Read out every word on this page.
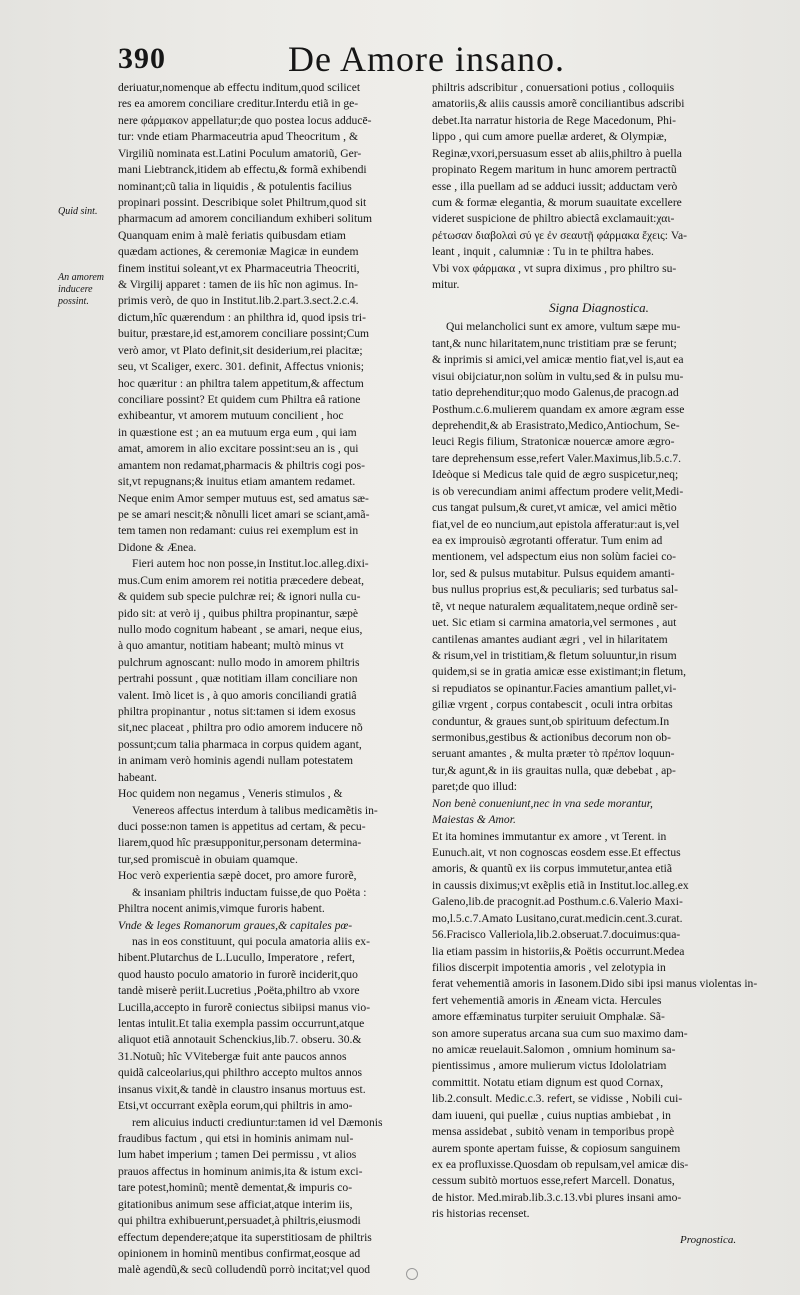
390	De Amore insano.
Quid sint.
An amorem inducere possint.
deriuatur,nomenque ab effectu inditum,quod scilicet
res ea amorem conciliare creditur.Interdu etiã in ge-
nere φάρμακον appellatur;de quo postea locus adducē-
tur: vnde etiam Pharmaceutria apud Theocritum , &
Virgiliũ nominata est.Latini Poculum amatoriũ, Ger-
mani Liebtranck,itidem ab effectu,& formã exhibendi
nominant;cũ talia in liquidis , & potulentis facilius
propinari possint. Describique solet Philtrum,quod sit
pharmacum ad amorem conciliandum exhiberi solitum
Quanquam enim à malè feriatis quibusdam etiam
quædam actiones, & ceremoniæ Magicæ in eundem
finem institui soleant,vt ex Pharmaceutria Theocriti,
& Virgilij apparet : tamen de iis hîc non agimus. In-
primis verò, de quo in Institut.lib.2.part.3.sect.2.c.4.
dictum,hîc quærendum : an philthra id, quod ipsis tri-
buitur, præstare,id est,amorem conciliare possint;Cum
verò amor, vt Plato definit,sit desiderium,rei placitæ;
seu, vt Scaliger, exerc. 301. definit, Affectus vnionis;
hoc quæritur : an philtra talem appetitum,& affectum
conciliare possint? Et quidem cum Philtra eâ ratione
exhibeantur, vt amorem mutuum concilient , hoc
in quæstione est ; an ea mutuum erga eum , qui iam
amat, amorem in alio excitare possint:seu an is , qui
amantem non redamat,pharmacis & philtris cogi pos-
sit,vt repugnans;& inuitus etiam amantem redamet.
Neque enim Amor semper mutuus est, sed amatus sæ-
pe se amari nescit;& nõnulli licet amari se sciant,amã-
tem tamen non redamant: cuius rei exemplum est in
Didone & Ænea.
Fieri autem hoc non posse,in Institut.loc.alleg.dixi-
mus.Cum enim amorem rei notitia præcedere debeat,
& quidem sub specie pulchræ rei; & ignori nulla cu-
pido sit: at verò ij , quibus philtra propinantur, sæpè
nullo modo cognitum habeant , se amari, neque eius,
à quo amantur, notitiam habeant; multò minus vt
pulchrum agnoscant: nullo modo in amorem philtris
pertrahi possunt , quæ notitiam illam conciliare non
valent. Imò licet is , à quo amoris conciliandi gratiâ
philtra propinantur , notus sit:tamen si idem exosus
sit,nec placeat , philtra pro odio amorem inducere nõ
possunt;cum talia pharmaca in corpus quidem agant,
in animam verò hominis agendi nullam potestatem
habeant.
Hoc quidem non negamus , Veneris stimulos , &
Venereos affectus interdum à talibus medicamẽtis in-
duci posse:non tamen is appetitus ad certam, & pecu-
liarem,quod hîc præsupponitur,personam determina-
tur,sed promiscuè in obuiam quamque.
Hoc verò experientia sæpè docet, pro amore furorẽ,
& insaniam philtris inductam fuisse,de quo Poëta :
Philtra nocent animis,vimque furoris habent.
Vnde & leges Romanorum graues,& capitales pœ-
nas in eos constituunt, qui pocula amatoria aliis ex-
hibent.Plutarchus de L.Lucullo, Imperatore , refert,
quod hausto poculo amatorio in furorẽ inciderit,quo
tandè miserè periit.Lucretius ,Poëta,philtro ab vxore
Lucilla,accepto in furorẽ coniectus sibiipsi manus vio-
lentas intulit.Et talia exempla passim occurrunt,atque
aliquot etiã annotauit Schenckius,lib.7. obseru. 30.&
31.Notuũ; hîc VVitebergæ fuit ante paucos annos
quidã calceolarius,qui philthro accepto multos annos
insanus vixit,& tandè in claustro insanus mortuus est.
Etsi,vt occurrant exẽpla eorum,qui philtris in amo-
rem alicuius inducti crediuntur:tamen id vel Dæmonis
fraudibus factum , qui etsi in hominis animam nul-
lum habet imperium ; tamen Dei permissu , vt alios
prauos affectus in hominum animis,ita & istum exci-
tare potest,hominũ; mentẽ dementat,& impuris co-
gitationibus animum sese afficiat,atque interim iis,
qui philtra exhibuerunt,persuadet,à philtris,eiusmodi
effectum dependere;atque ita superstitiosam de philtris
opinionem in hominũ mentibus confirmat,eosque ad
malè agendũ,& secũ colludendũ porrò incitat;vel quod
philtris adscribitur , conuersationi potius , colloquiis
amatoriis,& aliis caussis amorẽ conciliantibus adscribi
debet.Ita narratur historia de Rege Macedonum, Phi-
lippo , qui cum amore puellæ arderet, & Olympiæ,
Reginæ,vxori,persuasum esset ab aliis,philtro à puella
propinato Regem maritum in hunc amorem pertractũ
esse , illa puellam ad se adduci iussit; adductam verò
cum & formæ elegantia, & morum suauitate excellere
videret suspicione de philtro abiectâ exclamauit:χαι-
ρέτωσαν διαβολαὶ σύ γε ἐν σεαυτῇ φάρμακα ἔχεις: Va-
leant , inquit , calumniæ : Tu in te philtra habes.
Vbi vox φάρμακα , vt supra diximus , pro philtro su-
mitur.
Signa Diagnostica.
Qui melancholici sunt ex amore, vultum sæpe mu-
tant,& nunc hilaritatem,nunc tristitiam præ se ferunt;
& inprimis si amici,vel amicæ mentio fiat,vel is,aut ea
visui obijciatur,non solùm in vultu,sed & in pulsu mu-
tatio deprehenditur;quo modo Galenus,de pracogn.ad
Posthum.c.6.mulierem quandam ex amore ægram esse
deprehendit,& ab Erasistrato,Medico,Antiochum, Se-
leuci Regis filium, Stratonicæ nouercæ amore ægro-
tare deprehensum esse,refert Valer.Maximus,lib.5.c.7.
Ideòque si Medicus tale quid de ægro suspicetur,neq;
is ob verecundiam animi affectum prodere velit,Medi-
cus tangat pulsum,& curet,vt amicæ, vel amici mẽtio
fiat,vel de eo nuncium,aut epistola afferatur:aut is,vel
ea ex improuisò ægrotanti offeratur. Tum enim ad
mentionem, vel adspectum eius non solùm faciei co-
lor, sed & pulsus mutabitur. Pulsus equidem amanti-
bus nullus proprius est,& peculiaris; sed turbatus sal-
tẽ, vt neque naturalem æqualitatem,neque ordinẽ ser-
uet. Sic etiam si carmina amatoria,vel sermones , aut
cantilenas amantes audiant ægri , vel in hilaritatem
& risum,vel in tristitiam,& fletum soluuntur,in risum
quidem,si se in gratia amicæ esse existimant;in fletum,
si repudiatos se opinantur.Facies amantium pallet,vi-
giliæ vrgent , corpus contabescit , oculi intra orbitas
conduntur, & graues sunt,ob spirituum defectum.In
sermonibus,gestibus & actionibus decorum non ob-
seruant amantes , & multa præter τὸ πρέπον loquun-
tur,& agunt,& in iis grauitas nulla, quæ debebat , ap-
paret;de quo illud:
Non benè conueniunt,nec in vna sede morantur,
Maiestas & Amor.
Et ita homines immutantur ex amore , vt Terent. in
Eunuch.ait, vt non cognoscas eosdem esse.Et effectus
amoris, & quantũ ex iis corpus immutetur,antea etiã
in caussis diximus;vt exẽplis etiã in Institut.loc.alleg.ex
Galeno,lib.de pracognit.ad Posthum.c.6.Valerio Maxi-
mo,l.5.c.7.Amato Lusitano,curat.medicin.cent.3.curat.
56.Fraciscо Valleriola,lib.2.obseruat.7.docuimus:qua-
lia etiam passim in historiis,& Poëtis occurrunt.Medea
filios discerpit impotentia amoris , vel zelotypia in
ferat vehementiã amoris in Iasonem.Dido sibi ipsi manus violentas in-
fert vehementiã amoris in Æneam victa. Hercules
amore effæminatus turpiter seruiuit Omphalæ. Sã-
son amore superatus arcana sua cum suo maximo dam-
no amicæ reuelauit.Salomon , omnium hominum sa-
pientissimus , amore mulierum victus Idololatriam
committit. Notatu etiam dignum est quod Cornax,
lib.2.consult. Medic.c.3. refert, se vidisse , Nobili cui-
dam iuueni, qui puellæ , cuius nuptias ambiebat , in
mensa assidebat , subitò venam in temporibus propè
aurem sponte apertam fuisse, & copiosum sanguinem
ex ea profluxisse.Quosdam ob repulsam,vel amicæ dis-
cessum subitò mortuos esse,refert Marcell. Donatus,
de histor. Med.mirab.lib.3.c.13.vbi plures insani amo-
ris historias recenset.
Prognostica.
